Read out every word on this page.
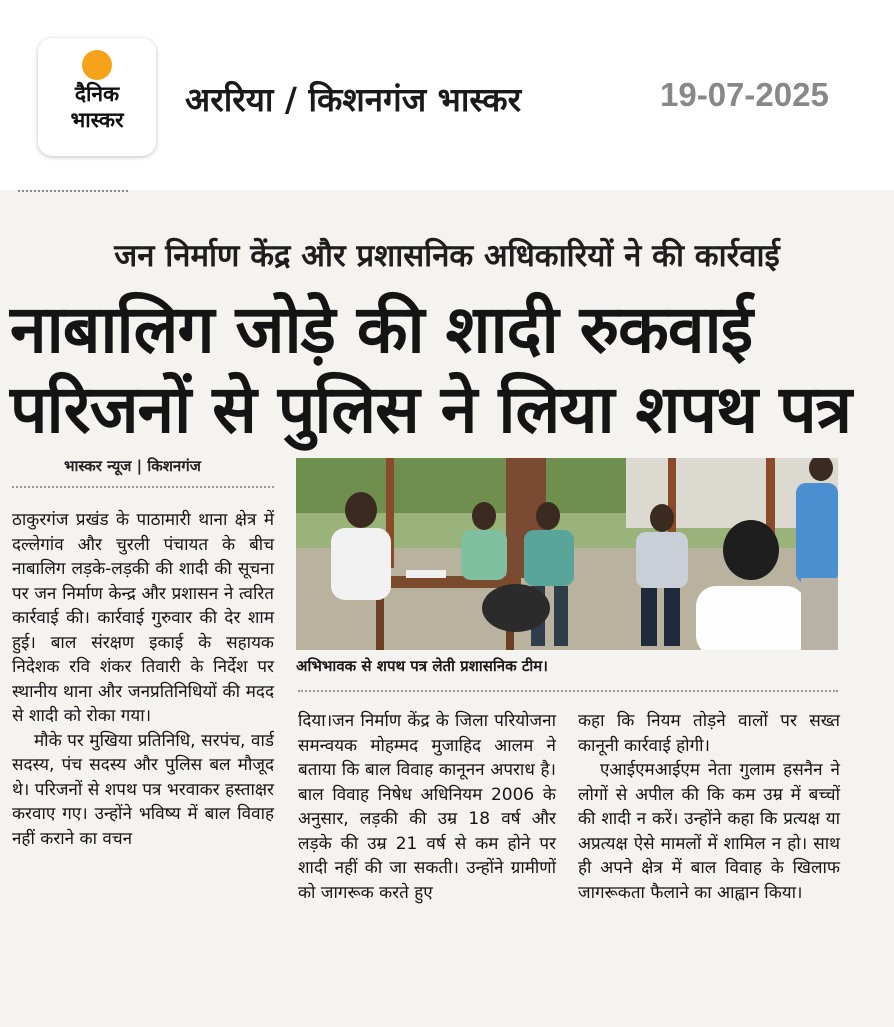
दैनिक
भास्कर
अररिया / किशनगंज भास्कर	19-07-2025
जन निर्माण केंद्र और प्रशासनिक अधिकारियों ने की कार्रवाई
नाबालिग जोड़े की शादी रुकवाई
परिजनों से पुलिस ने लिया शपथ पत्र
भास्कर न्यूज | किशनगंज

ठाकुरगंज प्रखंड के पाठामारी थाना क्षेत्र में दल्लेगांव और चुरली पंचायत के बीच नाबालिग लड़के-लड़की की शादी की सूचना पर जन निर्माण केन्द्र और प्रशासन ने त्वरित कार्रवाई की। कार्रवाई गुरुवार की देर शाम हुई। बाल संरक्षण इकाई के सहायक निदेशक रवि शंकर तिवारी के निर्देश पर स्थानीय थाना और जनप्रतिनिधियों की मदद से शादी को रोका गया।

मौके पर मुखिया प्रतिनिधि, सरपंच, वार्ड सदस्य, पंच सदस्य और पुलिस बल मौजूद थे। परिजनों से शपथ पत्र भरवाकर हस्ताक्षर करवाए गए। उन्होंने भविष्य में बाल विवाह नहीं कराने का वचन

अभिभावक से शपथ पत्र लेती प्रशासनिक टीम।

दिया।जन निर्माण केंद्र के जिला परियोजना समन्वयक मोहम्मद मुजाहिद आलम ने बताया कि बाल विवाह कानूनन अपराध है। बाल विवाह निषेध अधिनियम 2006 के अनुसार, लड़की की उम्र 18 वर्ष और लड़के की उम्र 21 वर्ष से कम होने पर शादी नहीं की जा सकती। उन्होंने ग्रामीणों को जागरूक करते हुए

कहा कि नियम तोड़ने वालों पर सख्त कानूनी कार्रवाई होगी।

एआईएमआईएम नेता गुलाम हसनैन ने लोगों से अपील की कि कम उम्र में बच्चों की शादी न करें। उन्होंने कहा कि प्रत्यक्ष या अप्रत्यक्ष ऐसे मामलों में शामिल न हो। साथ ही अपने क्षेत्र में बाल विवाह के खिलाफ जागरूकता फैलाने का आह्वान किया।
